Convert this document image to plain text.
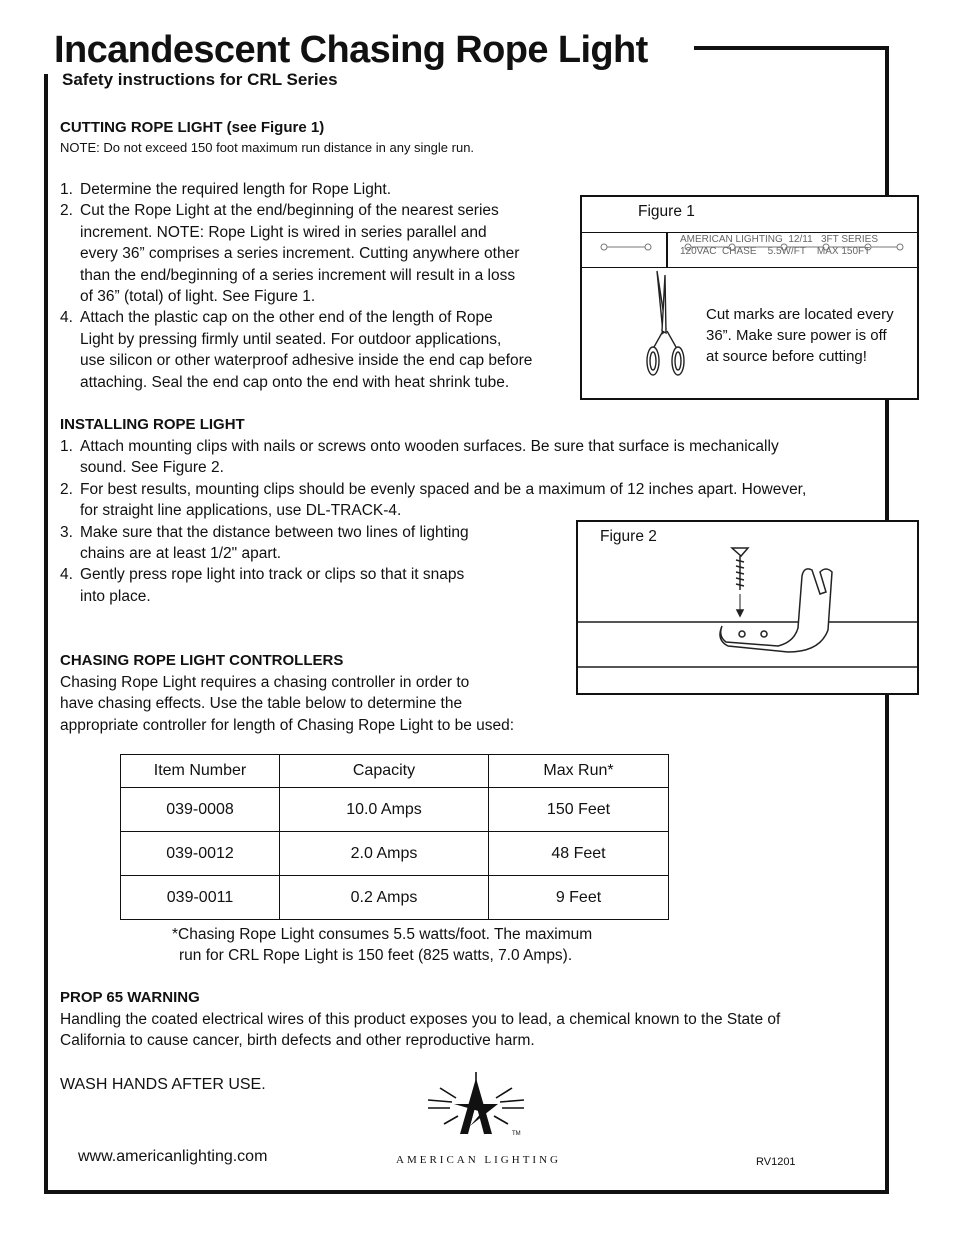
Incandescent Chasing Rope Light
Safety instructions for CRL Series
CUTTING ROPE LIGHT (see Figure 1)
NOTE: Do not exceed 150 foot maximum run distance in any single run.
1. Determine the required length for Rope Light.
2. Cut the Rope Light at the end/beginning of the nearest series
increment. NOTE: Rope Light is wired in series parallel and
every 36” comprises a series increment. Cutting anywhere other
than the end/beginning of a series increment will result in a loss
of 36” (total) of light. See Figure 1.
4. Attach the plastic cap on the other end of the length of Rope
Light by pressing firmly until seated. For outdoor applications,
use silicon or other waterproof adhesive inside the end cap before
attaching. Seal the end cap onto the end with heat shrink tube.
Figure 1
AMERICAN LIGHTING  12/11   3FT SERIES
120VAC  CHASE    5.5W/FT    MAX 150FT
Cut marks are located every
36”. Make sure power is off
at source before cutting!
INSTALLING ROPE LIGHT
1. Attach mounting clips with nails or screws onto wooden surfaces. Be sure that surface is mechanically
sound. See Figure 2.
2. For best results, mounting clips should be evenly spaced and be a maximum of 12 inches apart. However,
for straight line applications, use DL-TRACK-4.
3. Make sure that the distance between two lines of lighting
chains are at least 1/2" apart.
4. Gently press rope light into track or clips so that it snaps
into place.
Figure 2
CHASING ROPE LIGHT CONTROLLERS
Chasing Rope Light requires a chasing controller in order to
have chasing effects. Use the table below to determine the
appropriate controller for length of Chasing Rope Light to be used:
Item Number	Capacity	Max Run*
039-0008	10.0 Amps	150 Feet
039-0012	2.0 Amps	48 Feet
039-0011	0.2 Amps	9 Feet
*Chasing Rope Light consumes 5.5 watts/foot. The maximum
run for CRL Rope Light is 150 feet (825 watts, 7.0 Amps).
PROP 65 WARNING
Handling the coated electrical wires of this product exposes you to lead, a chemical known to the State of
California to cause cancer, birth defects and other reproductive harm.
WASH HANDS AFTER USE.
www.americanlighting.com
TM
AMERICAN LIGHTING	RV1201
